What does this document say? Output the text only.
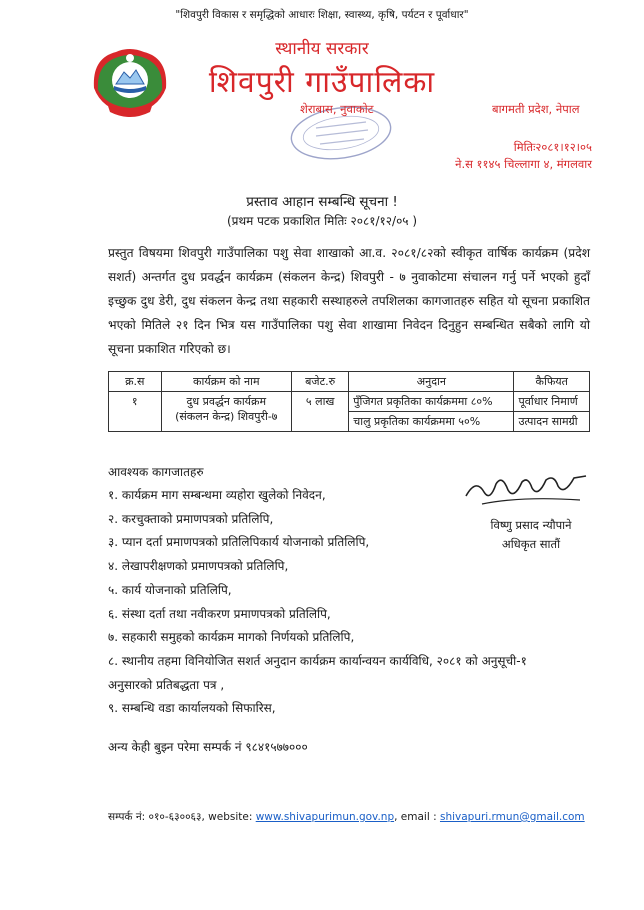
"शिवपुरी विकास र समृद्धिको आधारः शिक्षा, स्वास्थ्य, कृषि, पर्यटन र पूर्वाधार"
स्थानीय सरकार
शिवपुरी गाउँपालिका
शेराबास, नुवाकोट	बागमती प्रदेश, नेपाल
मितिः२०८१।१२।०५
ने.स ११४५ चिल्लागा ४, मंगलवार
प्रस्ताव आहान सम्बन्धि सूचना !
(प्रथम पटक प्रकाशित मितिः २०८१/१२/०५ )

प्रस्तुत विषयमा शिवपुरी गाउँपालिका पशु सेवा शाखाको आ.व. २०८१/८२को स्वीकृत वार्षिक कार्यक्रम (प्रदेश सशर्त) अन्तर्गत दुध प्रवर्द्धन कार्यक्रम (संकलन केन्द्र) शिवपुरी - ७ नुवाकोटमा संचालन गर्नु पर्ने भएको हुदाँ इच्छुक दुध डेरी, दुध संकलन केन्द्र तथा सहकारी सस्थाहरुले तपशिलका कागजातहरु सहित यो सूचना प्रकाशित भएको मितिले २१ दिन भित्र यस गाउँपालिका पशु सेवा शाखामा निवेदन दिनुहुन सम्बन्धित सबैको लागि यो सूचना प्रकाशित गरिएको छ।

क्र.स	कार्यक्रम को नाम	बजेट.रु	अनुदान	कैफियत
१	दुध प्रवर्द्धन कार्यक्रम
(संकलन केन्द्र) शिवपुरी-७	५ लाख	पुँजिगत प्रकृतिका कार्यक्रममा ८०%	पूर्वाधार निमार्ण
			चालु प्रकृतिका कार्यक्रममा ५०%	उत्पादन सामग्री
आवश्यक कागजातहरु
१. कार्यक्रम माग सम्बन्धमा व्यहोरा खुलेको निवेदन,
२. करचुक्ताको प्रमाणपत्रको प्रतिलिपि,
३. प्यान दर्ता प्रमाणपत्रको प्रतिलिपिकार्य योजनाको प्रतिलिपि,
४. लेखापरीक्षणको प्रमाणपत्रको प्रतिलिपि,
५. कार्य योजनाको प्रतिलिपि,
६. संस्था दर्ता तथा नवीकरण प्रमाणपत्रको प्रतिलिपि,
७. सहकारी समुहको कार्यक्रम मागको निर्णयको प्रतिलिपि,
८. स्थानीय तहमा विनियोजित सशर्त अनुदान कार्यक्रम कार्यान्वयन कार्यविधि, २०८१ को अनुसूची-१
अनुसारको प्रतिबद्धता पत्र ,
९. सम्बन्धि वडा कार्यालयको सिफारिस,
विष्णु प्रसाद न्यौपाने
अधिकृत सातौं
अन्य केही बुझ्न परेमा सम्पर्क नं ९८४१५७७०००
सम्पर्क नं: ०१०-६३००६३, website: www.shivapurimun.gov.np, email : shivapuri.rmun@gmail.com
